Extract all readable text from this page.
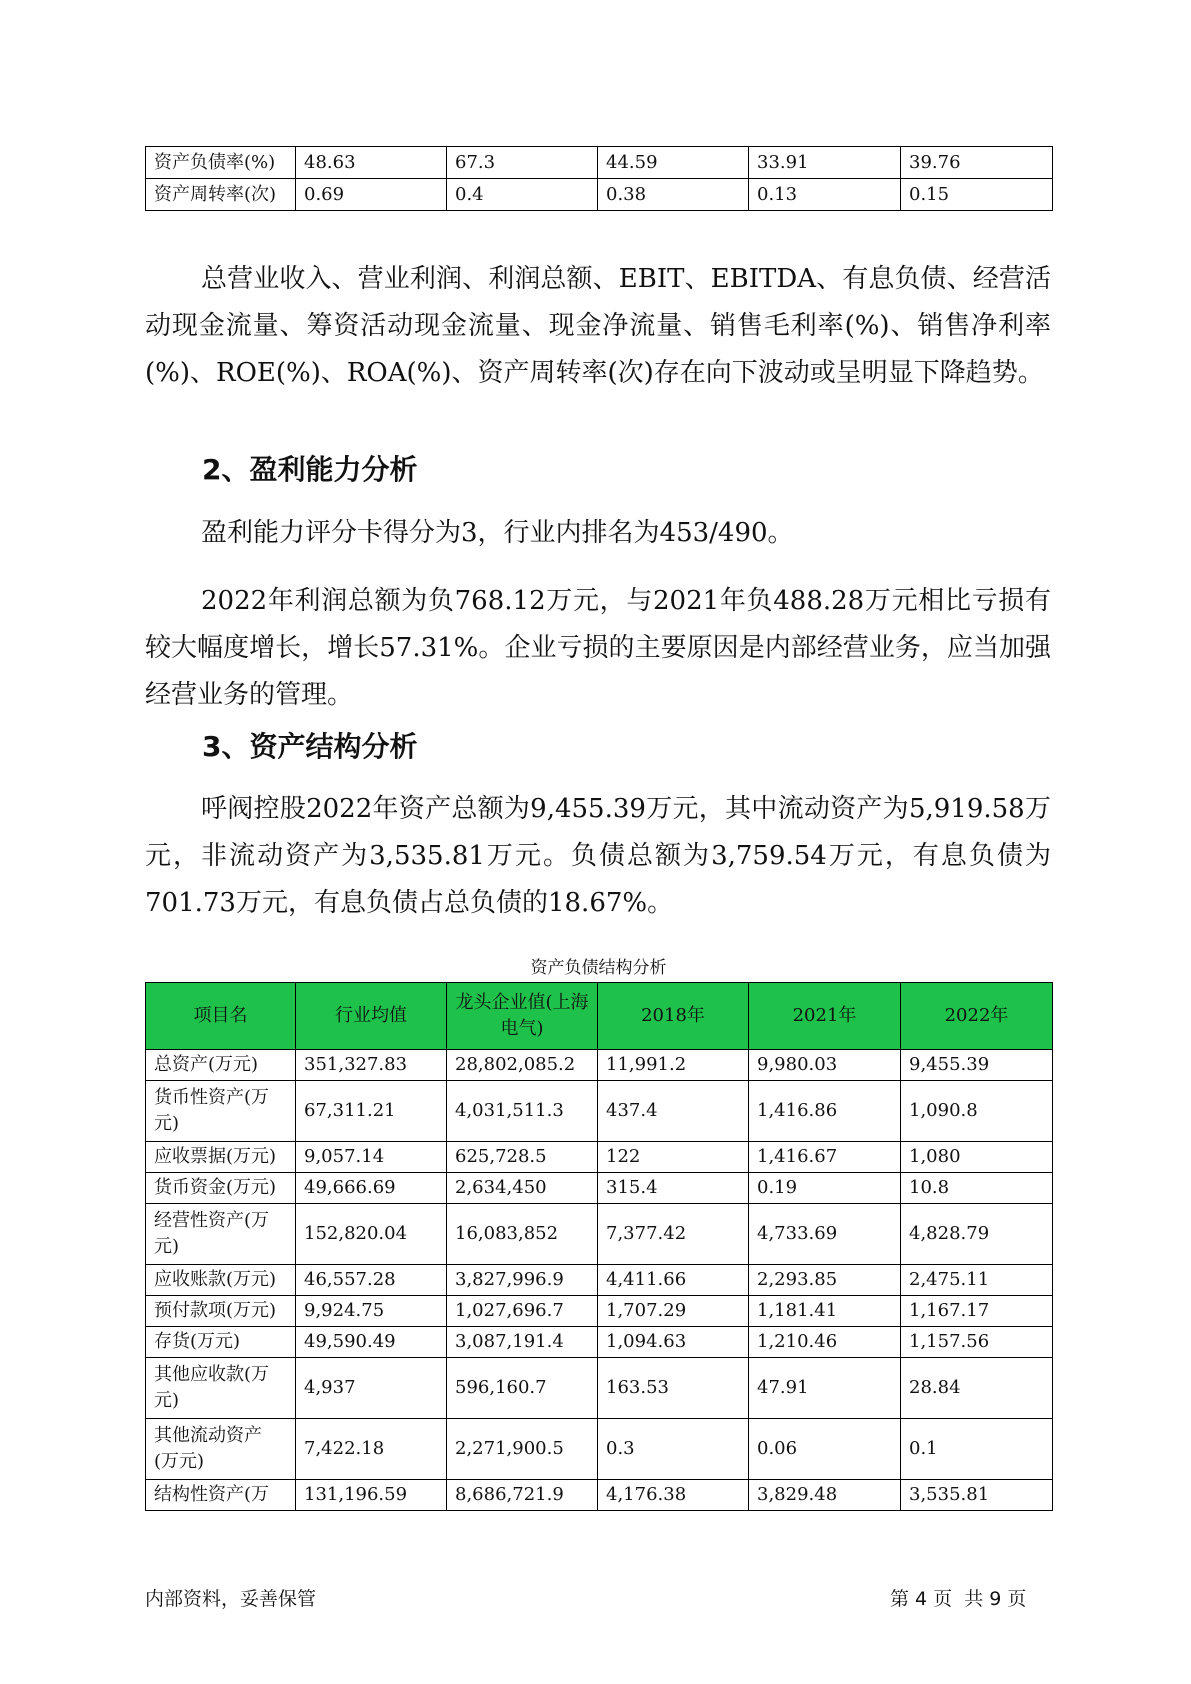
资产负债率(%)	48.63	67.3	44.59	33.91	39.76
资产周转率(次)	0.69	0.4	0.38	0.13	0.15

总营业收入、营业利润、利润总额、EBIT、EBITDA、有息负债、经营活动现金流量、筹资活动现金流量、现金净流量、销售毛利率(%)、销售净利率(%)、ROE(%)、ROA(%)、资产周转率(次)存在向下波动或呈明显下降趋势。

2、盈利能力分析

盈利能力评分卡得分为3，行业内排名为453/490。

2022年利润总额为负768.12万元，与2021年负488.28万元相比亏损有较大幅度增长，增长57.31%。企业亏损的主要原因是内部经营业务，应当加强经营业务的管理。

3、资产结构分析

呼阀控股2022年资产总额为9,455.39万元，其中流动资产为5,919.58万元，非流动资产为3,535.81万元。负债总额为3,759.54万元，有息负债为701.73万元，有息负债占总负债的18.67%。

资产负债结构分析
项目名	行业均值	龙头企业值(上海电气)	2018年	2021年	2022年
总资产(万元)	351,327.83	28,802,085.2	11,991.2	9,980.03	9,455.39
货币性资产(万元)	67,311.21	4,031,511.3	437.4	1,416.86	1,090.8
应收票据(万元)	9,057.14	625,728.5	122	1,416.67	1,080
货币资金(万元)	49,666.69	2,634,450	315.4	0.19	10.8
经营性资产(万元)	152,820.04	16,083,852	7,377.42	4,733.69	4,828.79
应收账款(万元)	46,557.28	3,827,996.9	4,411.66	2,293.85	2,475.11
预付款项(万元)	9,924.75	1,027,696.7	1,707.29	1,181.41	1,167.17
存货(万元)	49,590.49	3,087,191.4	1,094.63	1,210.46	1,157.56
其他应收款(万元)	4,937	596,160.7	163.53	47.91	28.84
其他流动资产(万元)	7,422.18	2,271,900.5	0.3	0.06	0.1
结构性资产(万	131,196.59	8,686,721.9	4,176.38	3,829.48	3,535.81
内部资料，妥善保管	第 4 页  共 9 页
